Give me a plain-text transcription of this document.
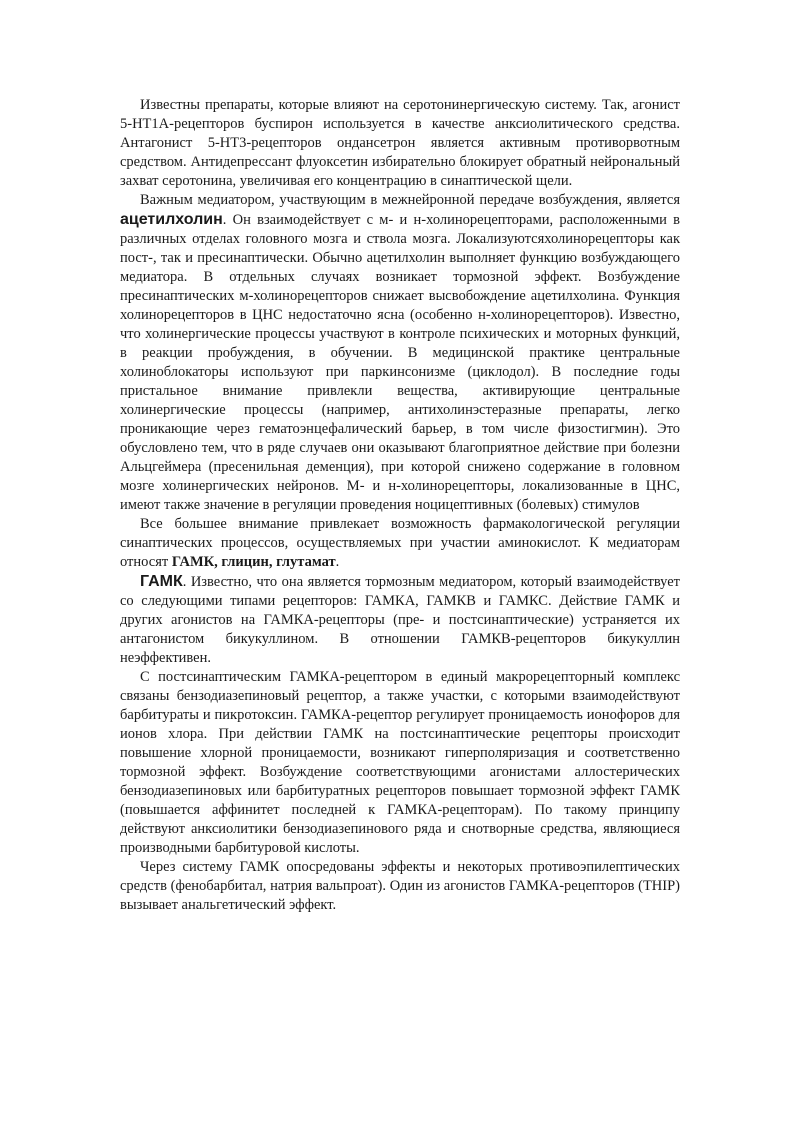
Известны препараты, которые влияют на серотонинергическую систему. Так, агонист 5-НТ1А-рецепторов буспирон используется в качестве анксиолитического средства. Антагонист 5-НТ3-рецепторов ондансетрон является активным противорвотным средством. Антидепрессант флуоксетин избирательно блокирует обратный нейрональный захват серотонина, увеличивая его концентрацию в синаптической щели.

Важным медиатором, участвующим в межнейронной передаче возбуждения, является ацетилхолин. Он взаимодействует с м- и н-холинорецепторами, расположенными в различных отделах головного мозга и ствола мозга. Локализуютсяхолинорецепторы как пост-, так и пресинаптически. Обычно ацетилхолин выполняет функцию возбуждающего медиатора. В отдельных случаях возникает тормозной эффект. Возбуждение пресинаптических м-холинорецепторов снижает высвобождение ацетилхолина. Функция холинорецепторов в ЦНС недостаточно ясна (особенно н-холинорецепторов). Известно, что холинергические процессы участвуют в контроле психических и моторных функций, в реакции пробуждения, в обучении. В медицинской практике центральные холиноблокаторы используют при паркинсонизме (циклодол). В последние годы пристальное внимание привлекли вещества, активирующие центральные холинергические процессы (например, антихолинэстеразные препараты, легко проникающие через гематоэнцефалический барьер, в том числе физостигмин). Это обусловлено тем, что в ряде случаев они оказывают благоприятное действие при болезни Альцгеймера (пресенильная деменция), при которой снижено содержание в головном мозге холинергических нейронов. М- и н-холинорецепторы, локализованные в ЦНС, имеют также значение в регуляции проведения ноцицептивных (болевых) стимулов

Все большее внимание привлекает возможность фармакологической регуляции синаптических процессов, осуществляемых при участии аминокислот. К медиаторам относят ГАМК, глицин, глутамат.

ГАМК. Известно, что она является тормозным медиатором, который взаимодействует со следующими типами рецепторов: ГАМКА, ГАМКВ и ГАМКС. Действие ГАМК и других агонистов на ГАМКА-рецепторы (пре- и постсинаптические) устраняется их антагонистом бикукуллином. В отношении ГАМКВ-рецепторов бикукуллин неэффективен.

С постсинаптическим ГАМКА-рецептором в единый макрорецепторный комплекс связаны бензодиазепиновый рецептор, а также участки, с которыми взаимодействуют барбитураты и пикротоксин. ГАМКА-рецептор регулирует проницаемость ионофоров для ионов хлора. При действии ГАМК на постсинаптические рецепторы происходит повышение хлорной проницаемости, возникают гиперполяризация и соответственно тормозной эффект. Возбуждение соответствующими агонистами аллостерических бензодиазепиновых или барбитуратных рецепторов повышает тормозной эффект ГАМК (повышается аффинитет последней к ГАМКА-рецепторам). По такому принципу действуют анксиолитики бензодиазепинового ряда и снотворные средства, являющиеся производными барбитуровой кислоты.

Через систему ГАМК опосредованы эффекты и некоторых противоэпилептических средств (фенобарбитал, натрия вальпроат). Один из агонистов ГАМКА-рецепторов (THIP) вызывает анальгетический эффект.
